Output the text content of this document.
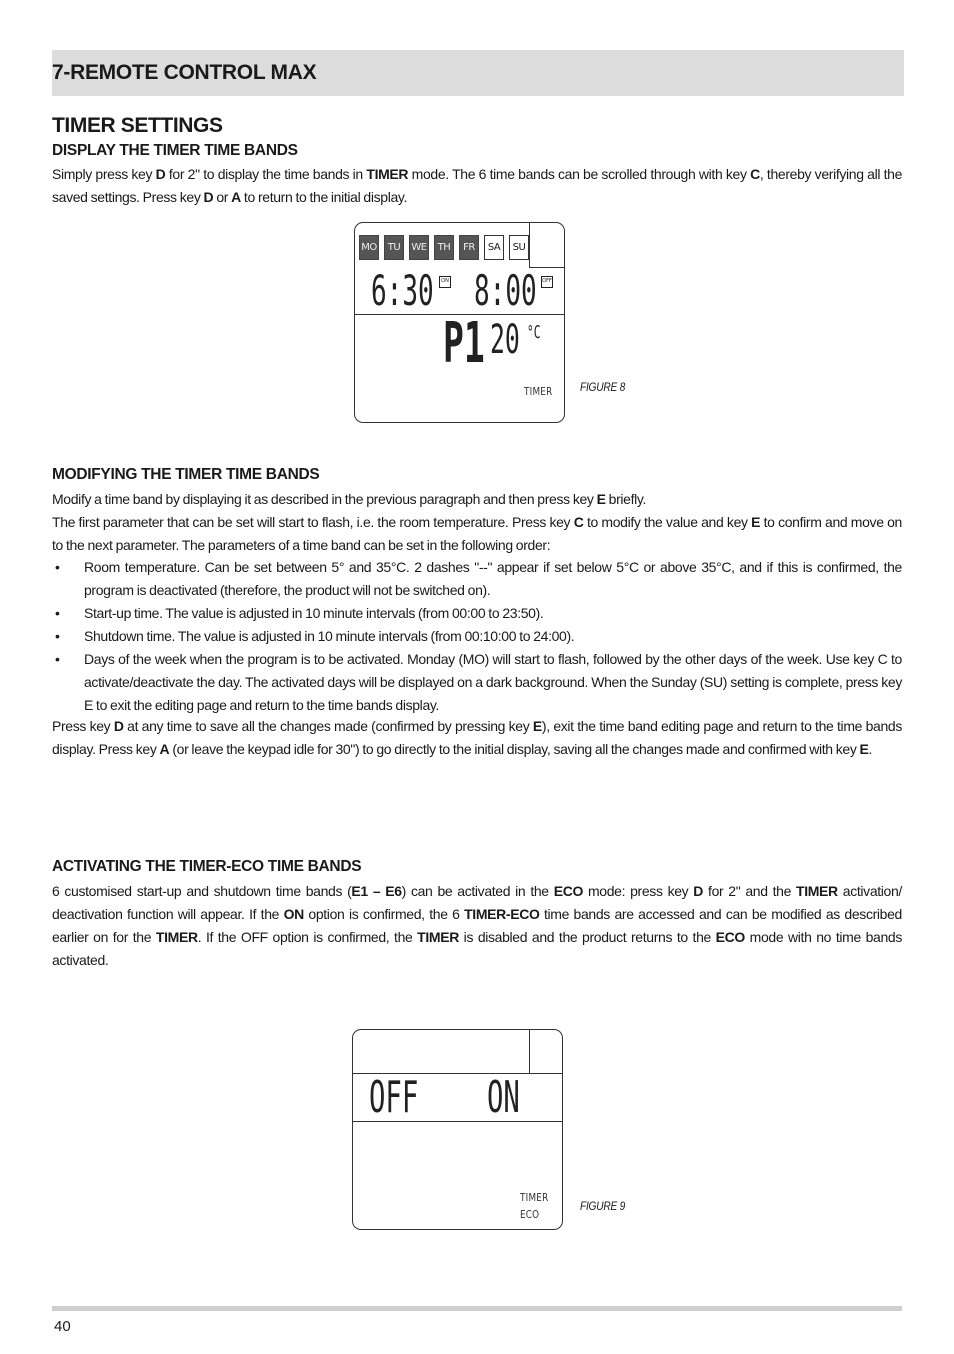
7-REMOTE CONTROL MAX
TIMER SETTINGS
DISPLAY THE TIMER TIME BANDS
Simply press key D for 2" to display the time bands in TIMER mode. The 6 time bands can be scrolled through with key C, thereby verifying all the saved settings. Press key D or A to return to the initial display.
MO	TU	WE	TH	FR	SA	SU
6:30	ON 8:00 OFF
P1 20 °C
TIMER FIGURE 8
MODIFYING THE TIMER TIME BANDS
Modify a time band by displaying it as described in the previous paragraph and then press key E briefly.
The first parameter that can be set will start to flash, i.e. the room temperature. Press key C to modify the value and key E to confirm and move on to the next parameter. The parameters of a time band can be set in the following order:
• Room temperature. Can be set between 5° and 35°C. 2 dashes "--" appear if set below 5°C or above 35°C, and if this is confirmed, the program is deactivated (therefore, the product will not be switched on).
• Start-up time. The value is adjusted in 10 minute intervals (from 00:00 to 23:50).
• Shutdown time. The value is adjusted in 10 minute intervals (from 00:10:00 to 24:00).
• Days of the week when the program is to be activated. Monday (MO) will start to flash, followed by the other days of the week. Use key C to activate/deactivate the day. The activated days will be displayed on a dark background. When the Sunday (SU) setting is complete, press key E to exit the editing page and return to the time bands display.
Press key D at any time to save all the changes made (confirmed by pressing key E), exit the time band editing page and return to the time bands display. Press key A (or leave the keypad idle for 30") to go directly to the initial display, saving all the changes made and confirmed with key E.
ACTIVATING THE TIMER-ECO TIME BANDS
6 customised start-up and shutdown time bands (E1 – E6) can be activated in the ECO mode: press key D for 2" and the TIMER activation/ deactivation function will appear. If the ON option is confirmed, the 6 TIMER-ECO time bands are accessed and can be modified as described earlier on for the TIMER. If the OFF option is confirmed, the TIMER is disabled and the product returns to the ECO mode with no time bands activated.
OFF ON
TIMER
ECO
FIGURE 9
40
